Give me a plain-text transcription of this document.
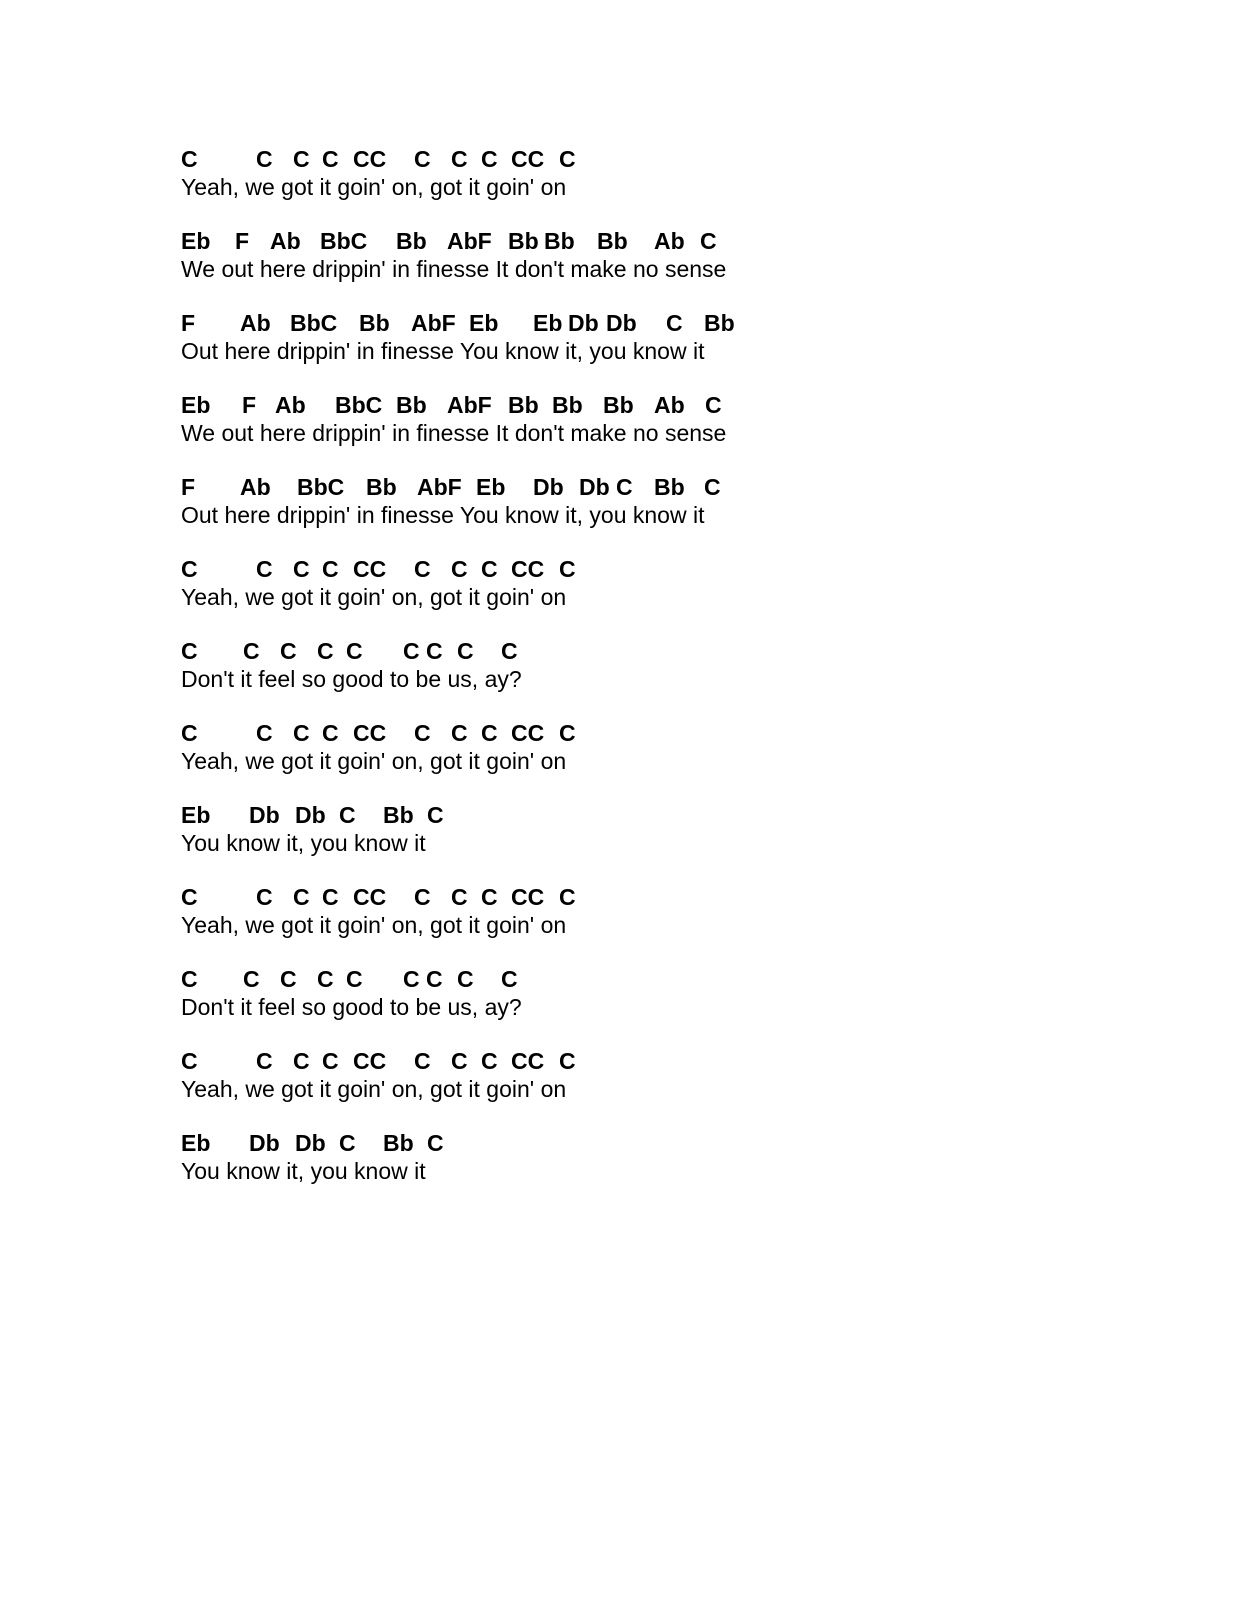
C	C C C CC C C C CC C
Yeah, we got it goin' on, got it goin' on
Eb F Ab BbC Bb AbF Bb Bb Bb Ab C
We out here drippin' in finesse It don't make no sense
F Ab BbC Bb AbF Eb Eb Db Db C Bb
Out here drippin' in finesse You know it, you know it
Eb F Ab BbC Bb AbF Bb Bb Bb Ab C
We out here drippin' in finesse It don't make no sense
F Ab BbC Bb AbF Eb Db Db C Bb C
Out here drippin' in finesse You know it, you know it
C	C C C CC C C C CC C
Yeah, we got it goin' on, got it goin' on
C C C C C C C C C
Don't it feel so good to be us, ay?
C	C C C CC C C C CC C
Yeah, we got it goin' on, got it goin' on
Eb Db Db C Bb C
You know it, you know it
C	C C C CC C C C CC C
Yeah, we got it goin' on, got it goin' on
C C C C C C C C C
Don't it feel so good to be us, ay?
C	C C C CC C C C CC C
Yeah, we got it goin' on, got it goin' on
Eb Db Db C Bb C
You know it, you know it
